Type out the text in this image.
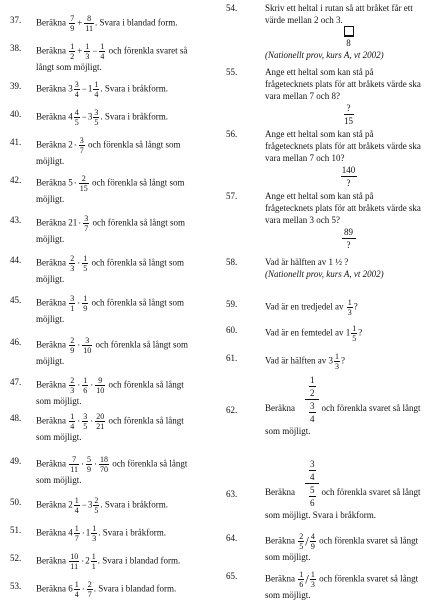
37.	Beräkna $\frac{7}{9} + \frac{8}{11}$ . Svara i blandad form.
38.	Beräkna $\frac{1}{2} + \frac{1}{3} - \frac{1}{4}$ och förenkla svaret så
långt som möjligt.
39.	Beräkna $3 \frac{3}{4} -1 \frac{1}{4}$ . Svara i bråkform.
40.	Beräkna $4 \frac{4}{5} -3 \frac{3}{5}$ . Svara i bråkform.
41.	Beräkna $2\cdot \frac{3}{7}$ och förenkla så långt som
möjligt.
42.	Beräkna $5\cdot \frac{2}{15}$ och förenkla så långt som
möjligt.
43.	Beräkna $21\cdot \frac{3}{7}$ och förenkla så långt som
möjligt.
44.	Beräkna $\frac{2}{3} \cdot \frac{1}{5}$ och förenkla så långt som
möjligt.
45.	Beräkna $\frac{3}{1} \cdot \frac{1}{9}$ och förenkla så långt som
möjligt.
46.	Beräkna $\frac{2}{9} \cdot \frac{3}{10}$ och förenkla så långt som
möjligt.
47.	Beräkna $\frac{2}{3} \cdot \frac{1}{6} \cdot \frac{9}{10}$ och förenkla så långt
som möjligt.
48.	Beräkna $\frac{1}{4} \cdot \frac{3}{5} \cdot \frac{20}{21}$ och förenkla så långt
som möjligt.
49.	Beräkna $\frac{7}{11} \cdot \frac{5}{9} \cdot \frac{18}{70}$ och förenkla så långt
som möjligt.
50.	Beräkna $2 \frac{1}{4} -3 \frac{2}{5}$ . Svara i bråkform.
51.	Beräkna $4 \frac{1}{7} \cdot 1 \frac{1}{3}$ . Svara i bråkform.
52.	Beräkna $\frac{10}{11} \cdot 2 \frac{1}{1}$ . Svara i blandad form.
53.	Beräkna $6 \frac{1}{4} \cdot \frac{2}{7}$ . Svara i blandad form.
54.	Skriv ett heltal i rutan så att bråket får ett
värde mellan 2 och 3.

8
(Nationellt prov, kurs A, vt 2002)
55.	Ange ett heltal som kan stå på
frågetecknets plats för att bråkets värde ska
vara mellan 7 och 8?

?
15
56.	Ange ett heltal som kan stå på
frågetecknets plats för att bråkets värde ska
vara mellan 7 och 10?

140
?
57.	Ange ett heltal som kan stå på
frågetecknets plats för att bråkets värde ska
vara mellan 3 och 5?

89
?
58.	Vad är hälften av 1 ½ ?
(Nationellt prov, kurs A, vt 2002)
59.	Vad är en tredjedel av $\frac{1}{3}$ ?
60.	Vad är en femtedel av $1 \frac{1}{5}$ ?
61.	Vad är hälften av $3 \frac{1}{3}$ ?
62.	Beräkna
1
2
3
4
och förenkla svaret så långt
som möjligt.
63.	Beräkna
3
4
5
6
och förenkla svaret så långt
som möjligt. Svara i bråkform.
64.	Beräkna $\frac{2}{5} / \frac{4}{9}$ och förenkla svaret så långt
som möjligt.
65.	Beräkna $\frac{1}{6} / \frac{1}{3}$ och förenkla svaret så långt
som möjligt.
